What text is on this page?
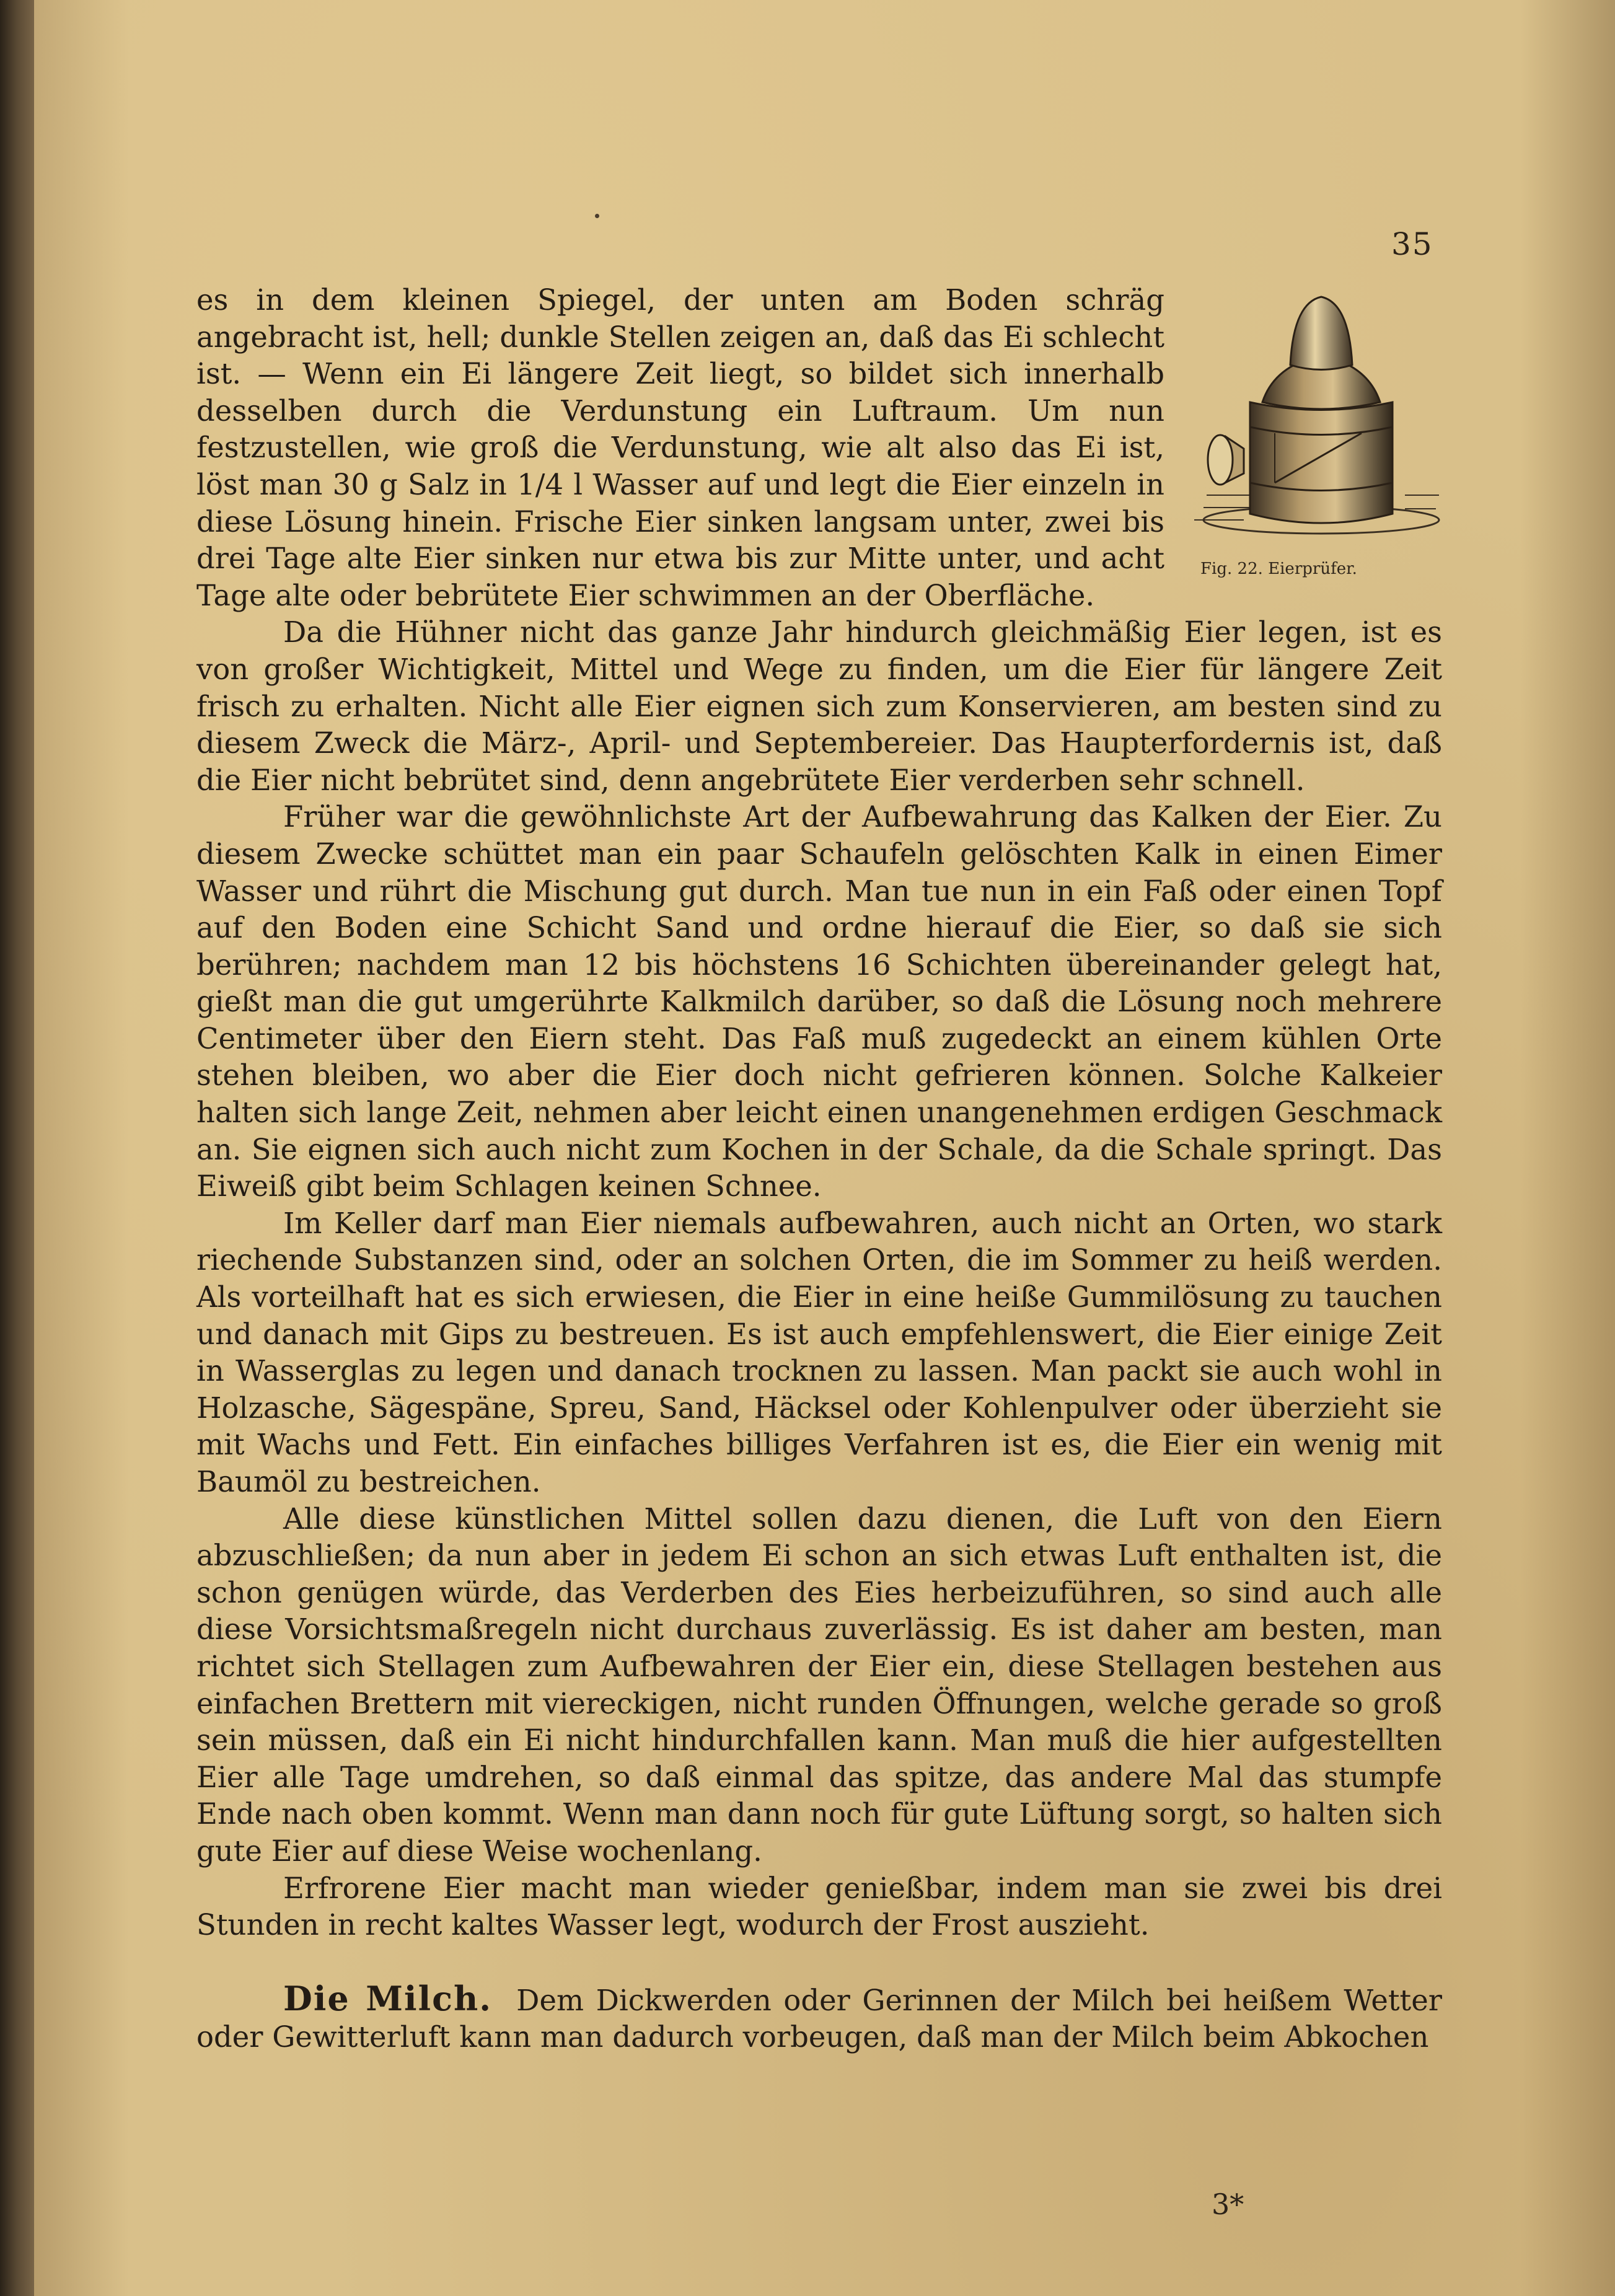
35
Fig. 22. Eierprüfer.

es in dem kleinen Spiegel, der unten am Boden schräg angebracht ist, hell; dunkle Stellen zeigen an, daß das Ei schlecht ist. — Wenn ein Ei längere Zeit liegt, so bildet sich innerhalb desselben durch die Verdunstung ein Luftraum. Um nun festzustellen, wie groß die Verdunstung, wie alt also das Ei ist, löst man 30 g Salz in 1/4 l Wasser auf und legt die Eier einzeln in diese Lösung hinein. Frische Eier sinken langsam unter, zwei bis drei Tage alte Eier sinken nur etwa bis zur Mitte unter, und acht Tage alte oder bebrütete Eier schwimmen an der Oberfläche.

Da die Hühner nicht das ganze Jahr hindurch gleichmäßig Eier legen, ist es von großer Wichtigkeit, Mittel und Wege zu finden, um die Eier für längere Zeit frisch zu erhalten. Nicht alle Eier eignen sich zum Konservieren, am besten sind zu diesem Zweck die März-, April- und Septembereier. Das Haupterfordernis ist, daß die Eier nicht bebrütet sind, denn angebrütete Eier verderben sehr schnell.

Früher war die gewöhnlichste Art der Aufbewahrung das Kalken der Eier. Zu diesem Zwecke schüttet man ein paar Schaufeln gelöschten Kalk in einen Eimer Wasser und rührt die Mischung gut durch. Man tue nun in ein Faß oder einen Topf auf den Boden eine Schicht Sand und ordne hierauf die Eier, so daß sie sich berühren; nachdem man 12 bis höchstens 16 Schichten übereinander gelegt hat, gießt man die gut umgerührte Kalkmilch darüber, so daß die Lösung noch mehrere Centimeter über den Eiern steht. Das Faß muß zugedeckt an einem kühlen Orte stehen bleiben, wo aber die Eier doch nicht gefrieren können. Solche Kalkeier halten sich lange Zeit, nehmen aber leicht einen unangenehmen erdigen Geschmack an. Sie eignen sich auch nicht zum Kochen in der Schale, da die Schale springt. Das Eiweiß gibt beim Schlagen keinen Schnee.

Im Keller darf man Eier niemals aufbewahren, auch nicht an Orten, wo stark riechende Substanzen sind, oder an solchen Orten, die im Sommer zu heiß werden. Als vorteilhaft hat es sich erwiesen, die Eier in eine heiße Gummilösung zu tauchen und danach mit Gips zu bestreuen. Es ist auch empfehlenswert, die Eier einige Zeit in Wasserglas zu legen und danach trocknen zu lassen. Man packt sie auch wohl in Holzasche, Sägespäne, Spreu, Sand, Häcksel oder Kohlenpulver oder überzieht sie mit Wachs und Fett. Ein einfaches billiges Verfahren ist es, die Eier ein wenig mit Baumöl zu bestreichen.

Alle diese künstlichen Mittel sollen dazu dienen, die Luft von den Eiern abzuschließen; da nun aber in jedem Ei schon an sich etwas Luft enthalten ist, die schon genügen würde, das Verderben des Eies herbeizuführen, so sind auch alle diese Vorsichtsmaßregeln nicht durchaus zuverlässig. Es ist daher am besten, man richtet sich Stellagen zum Aufbewahren der Eier ein, diese Stellagen bestehen aus einfachen Brettern mit viereckigen, nicht runden Öffnungen, welche gerade so groß sein müssen, daß ein Ei nicht hindurchfallen kann. Man muß die hier aufgestellten Eier alle Tage umdrehen, so daß einmal das spitze, das andere Mal das stumpfe Ende nach oben kommt. Wenn man dann noch für gute Lüftung sorgt, so halten sich gute Eier auf diese Weise wochenlang.

Erfrorene Eier macht man wieder genießbar, indem man sie zwei bis drei Stunden in recht kaltes Wasser legt, wodurch der Frost auszieht.

Die Milch. Dem Dickwerden oder Gerinnen der Milch bei heißem Wetter oder Gewitterluft kann man dadurch vorbeugen, daß man der Milch beim Abkochen

3*
